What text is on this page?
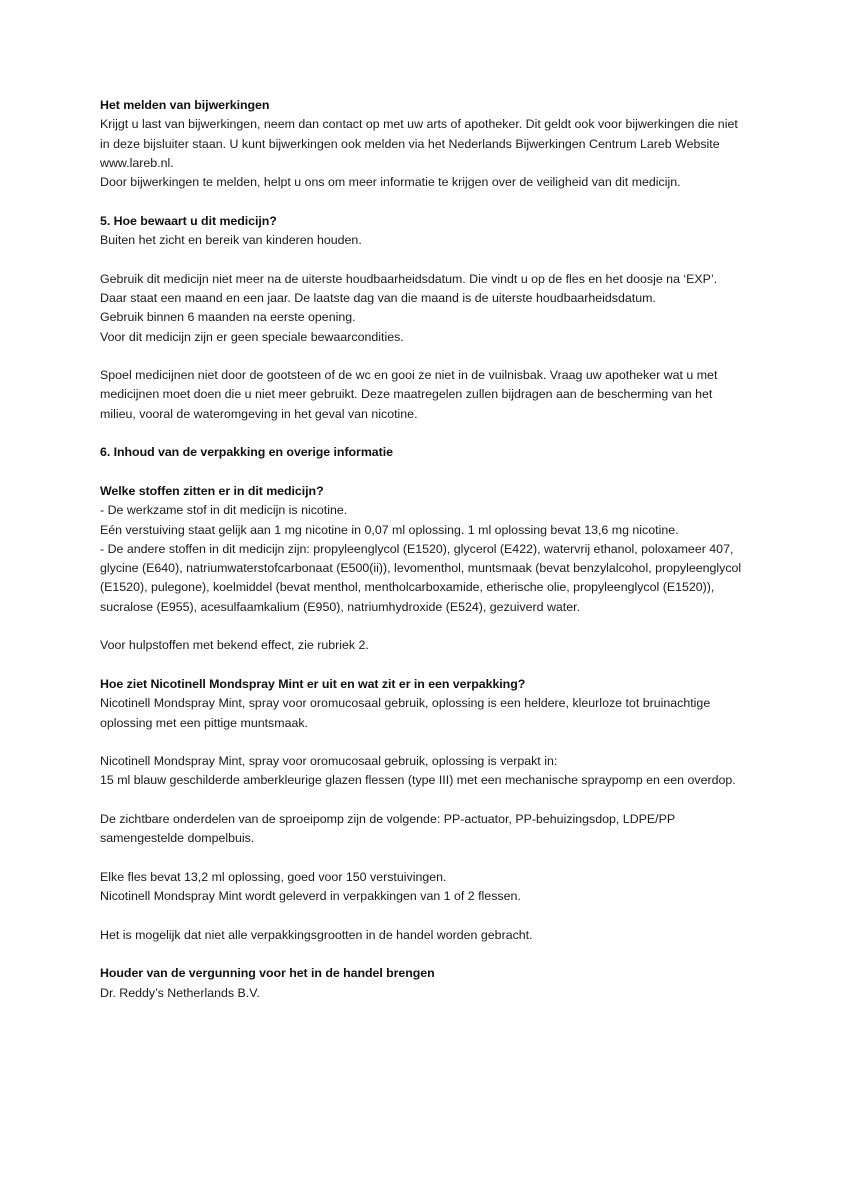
Het melden van bijwerkingen

Krijgt u last van bijwerkingen, neem dan contact op met uw arts of apotheker. Dit geldt ook voor bijwerkingen die niet in deze bijsluiter staan. U kunt bijwerkingen ook melden via het Nederlands Bijwerkingen Centrum Lareb Website www.lareb.nl.

Door bijwerkingen te melden, helpt u ons om meer informatie te krijgen over de veiligheid van dit medicijn.

5. Hoe bewaart u dit medicijn?

Buiten het zicht en bereik van kinderen houden.

Gebruik dit medicijn niet meer na de uiterste houdbaarheidsdatum. Die vindt u op de fles en het doosje na ‘EXP’. Daar staat een maand en een jaar. De laatste dag van die maand is de uiterste houdbaarheidsdatum.

Gebruik binnen 6 maanden na eerste opening.

Voor dit medicijn zijn er geen speciale bewaarcondities.

Spoel medicijnen niet door de gootsteen of de wc en gooi ze niet in de vuilnisbak. Vraag uw apotheker wat u met medicijnen moet doen die u niet meer gebruikt. Deze maatregelen zullen bijdragen aan de bescherming van het milieu, vooral de wateromgeving in het geval van nicotine.

6. Inhoud van de verpakking en overige informatie

Welke stoffen zitten er in dit medicijn?

- De werkzame stof in dit medicijn is nicotine.

Eén verstuiving staat gelijk aan 1 mg nicotine in 0,07 ml oplossing. 1 ml oplossing bevat 13,6 mg nicotine.

- De andere stoffen in dit medicijn zijn: propyleenglycol (E1520), glycerol (E422), watervrij ethanol, poloxameer 407, glycine (E640), natriumwaterstofcarbonaat (E500(ii)), levomenthol, muntsmaak (bevat benzylalcohol, propyleenglycol (E1520), pulegone), koelmiddel (bevat menthol, mentholcarboxamide, etherische olie, propyleenglycol (E1520)), sucralose (E955), acesulfaamkalium (E950), natriumhydroxide (E524), gezuiverd water.

Voor hulpstoffen met bekend effect, zie rubriek 2.

Hoe ziet Nicotinell Mondspray Mint er uit en wat zit er in een verpakking?

Nicotinell Mondspray Mint, spray voor oromucosaal gebruik, oplossing is een heldere, kleurloze tot bruinachtige oplossing met een pittige muntsmaak.

Nicotinell Mondspray Mint, spray voor oromucosaal gebruik, oplossing is verpakt in:

15 ml blauw geschilderde amberkleurige glazen flessen (type III) met een mechanische spraypomp en een overdop.

De zichtbare onderdelen van de sproeipomp zijn de volgende: PP-actuator, PP-behuizingsdop, LDPE/PP samengestelde dompelbuis.

Elke fles bevat 13,2 ml oplossing, goed voor 150 verstuivingen.

Nicotinell Mondspray Mint wordt geleverd in verpakkingen van 1 of 2 flessen.

Het is mogelijk dat niet alle verpakkingsgrootten in de handel worden gebracht.

Houder van de vergunning voor het in de handel brengen

Dr. Reddy’s Netherlands B.V.
